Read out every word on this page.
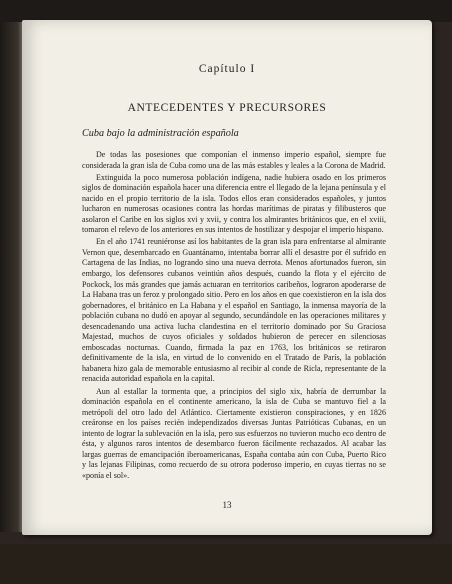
Capítulo I
ANTECEDENTES Y PRECURSORES
Cuba bajo la administración española

De todas las posesiones que componían el inmenso imperio español, siempre fue considerada la gran isla de Cuba como una de las más estables y leales a la Corona de Madrid.

Extinguida la poco numerosa población indígena, nadie hubiera osado en los primeros siglos de dominación española hacer una diferencia entre el llegado de la lejana península y el nacido en el propio territorio de la isla. Todos ellos eran considerados españoles, y juntos lucharon en numerosas ocasiones contra las hordas marítimas de piratas y filibusteros que asolaron el Caribe en los siglos xvi y xvii, y contra los almirantes británicos que, en el xviii, tomaron el relevo de los anteriores en sus intentos de hostilizar y despojar el imperio hispano.

En el año 1741 reuniéronse así los habitantes de la gran isla para enfrentarse al almirante Vernon que, desembarcado en Guantánamo, intentaba borrar allí el desastre por él sufrido en Cartagena de las Indias, no logrando sino una nueva derrota. Menos afortunados fueron, sin embargo, los defensores cubanos veintiún años después, cuando la flota y el ejército de Pockock, los más grandes que jamás actuaran en territorios caribeños, lograron apoderarse de La Habana tras un feroz y prolongado sitio. Pero en los años en que coexistieron en la isla dos gobernadores, el británico en La Habana y el español en Santiago, la inmensa mayoría de la población cubana no dudó en apoyar al segundo, secundándole en las operaciones militares y desencadenando una activa lucha clandestina en el territorio dominado por Su Graciosa Majestad, muchos de cuyos oficiales y soldados hubieron de perecer en silenciosas emboscadas nocturnas. Cuando, firmada la paz en 1763, los británicos se retiraron definitivamente de la isla, en virtud de lo convenido en el Tratado de París, la población habanera hizo gala de memorable entusiasmo al recibir al conde de Ricla, representante de la renacida autoridad española en la capital.

Aun al estallar la tormenta que, a principios del siglo xix, habría de derrumbar la dominación española en el continente americano, la isla de Cuba se mantuvo fiel a la metrópoli del otro lado del Atlántico. Ciertamente existieron conspiraciones, y en 1826 creáronse en los países recién independizados diversas Juntas Patrióticas Cubanas, en un intento de lograr la sublevación en la isla, pero sus esfuerzos no tuvieron mucho eco dentro de ésta, y algunos raros intentos de desembarco fueron fácilmente rechazados. Al acabar las largas guerras de emancipación iberoamericanas, España contaba aún con Cuba, Puerto Rico y las lejanas Filipinas, como recuerdo de su otrora poderoso imperio, en cuyas tierras no se «ponía el sol».

13
